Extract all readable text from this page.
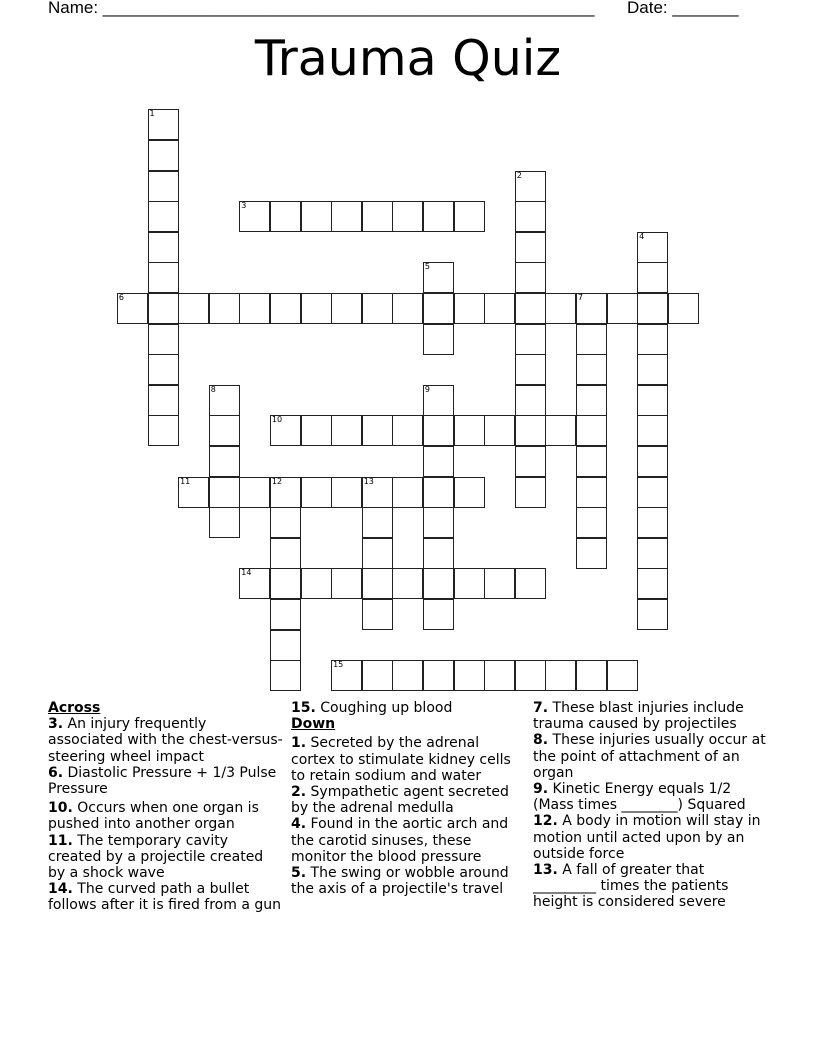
Name: ____________________________________________________ Date: _______
Trauma Quiz
1
2
3
4
5
6	7
8	9
10
11	12	13
14
15
Across
3. An injury frequently associated with the chest-versus-steering wheel impact
6. Diastolic Pressure + 1/3 Pulse Pressure
10. Occurs when one organ is pushed into another organ
11. The temporary cavity created by a projectile created by a shock wave
14. The curved path a bullet follows after it is fired from a gun
15. Coughing up blood
Down
1. Secreted by the adrenal cortex to stimulate kidney cells to retain sodium and water
2. Sympathetic agent secreted by the adrenal medulla
4. Found in the aortic arch and the carotid sinuses, these monitor the blood pressure
5. The swing or wobble around the axis of a projectile's travel
7. These blast injuries include trauma caused by projectiles
8. These injuries usually occur at the point of attachment of an organ
9. Kinetic Energy equals 1/2 (Mass times ________) Squared
12. A body in motion will stay in motion until acted upon by an outside force
13. A fall of greater that _________ times the patients height is considered severe
